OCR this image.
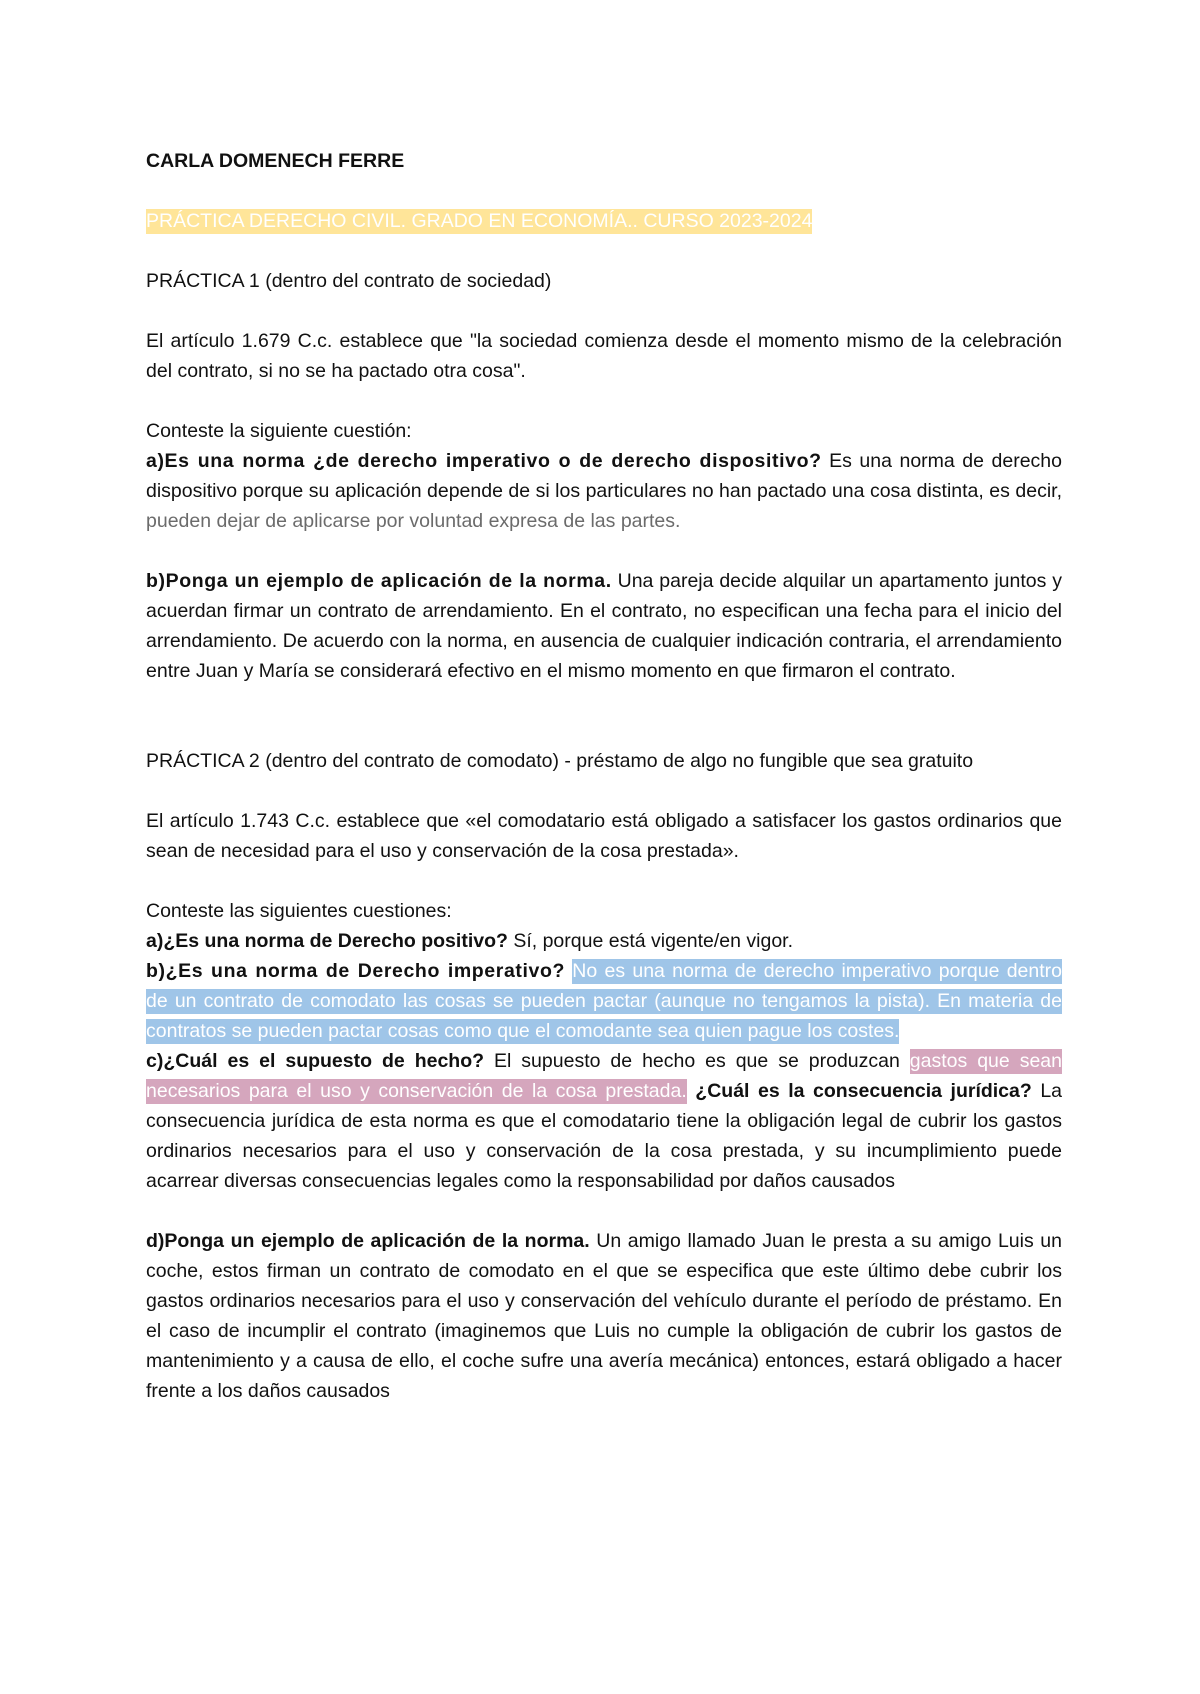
CARLA DOMENECH FERRE

PRÁCTICA DERECHO CIVIL. GRADO EN ECONOMÍA.. CURSO 2023-2024

PRÁCTICA 1 (dentro del contrato de sociedad)

El artículo 1.679 C.c. establece que "la sociedad comienza desde el momento mismo de la celebración del contrato, si no se ha pactado otra cosa".

Conteste la siguiente cuestión:

a)Es una norma ¿de derecho imperativo o de derecho dispositivo? Es una norma de derecho dispositivo porque su aplicación depende de si los particulares no han pactado una cosa distinta, es decir, pueden dejar de aplicarse por voluntad expresa de las partes.

b)Ponga un ejemplo de aplicación de la norma. Una pareja decide alquilar un apartamento juntos y acuerdan firmar un contrato de arrendamiento. En el contrato, no especifican una fecha para el inicio del arrendamiento. De acuerdo con la norma, en ausencia de cualquier indicación contraria, el arrendamiento entre Juan y María se considerará efectivo en el mismo momento en que firmaron el contrato.

PRÁCTICA 2 (dentro del contrato de comodato) - préstamo de algo no fungible que sea gratuito

El artículo 1.743 C.c. establece que «el comodatario está obligado a satisfacer los gastos ordinarios que sean de necesidad para el uso y conservación de la cosa prestada».

Conteste las siguientes cuestiones:

a)¿Es una norma de Derecho positivo? Sí, porque está vigente/en vigor.

b)¿Es una norma de Derecho imperativo? No es una norma de derecho imperativo porque dentro de un contrato de comodato las cosas se pueden pactar (aunque no tengamos la pista). En materia de contratos se pueden pactar cosas como que el comodante sea quien pague los costes.

c)¿Cuál es el supuesto de hecho? El supuesto de hecho es que se produzcan gastos que sean necesarios para el uso y conservación de la cosa prestada. ¿Cuál es la consecuencia jurídica? La consecuencia jurídica de esta norma es que el comodatario tiene la obligación legal de cubrir los gastos ordinarios necesarios para el uso y conservación de la cosa prestada, y su incumplimiento puede acarrear diversas consecuencias legales como la responsabilidad por daños causados

d)Ponga un ejemplo de aplicación de la norma. Un amigo llamado Juan le presta a su amigo Luis un coche, estos firman un contrato de comodato en el que se especifica que este último debe cubrir los gastos ordinarios necesarios para el uso y conservación del vehículo durante el período de préstamo. En el caso de incumplir el contrato (imaginemos que Luis no cumple la obligación de cubrir los gastos de mantenimiento y a causa de ello, el coche sufre una avería mecánica) entonces, estará obligado a hacer frente a los daños causados
